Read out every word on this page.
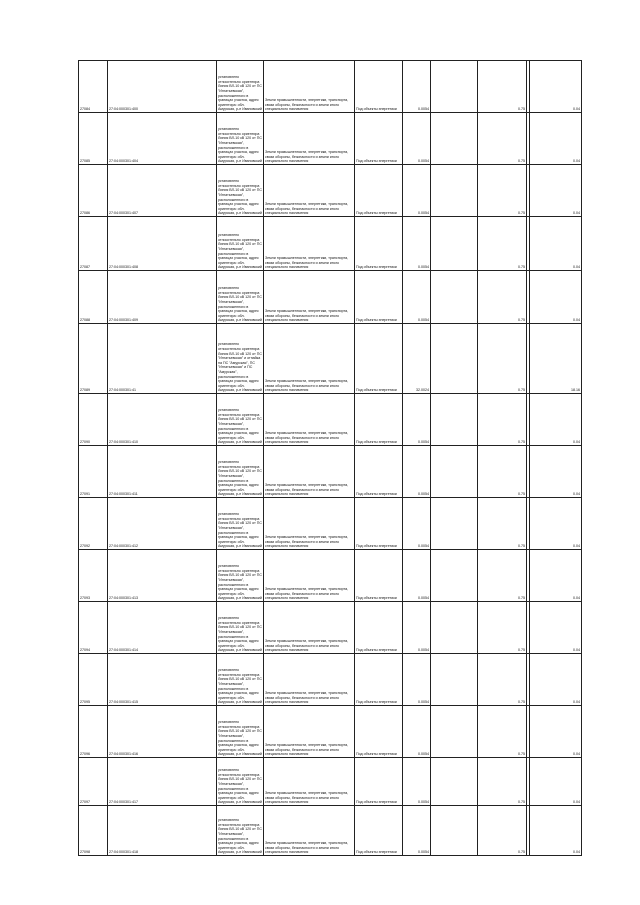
27084	27:04:000301:400	установлено относительно ориентира Линия ВЛ-10 кВ 120 от ПС "Игнатьевская", расположенного в границах участка, адрес ориентира: обл. Амурская, р-н Ивановский	Земли промышленности, энергетики, транспорта, связи обороны, безопасности и земли иного специального назначения	Под объекты энергетики	0.0054		0.75		0.04
27085	27:04:000301:404	установлено относительно ориентира Линия ВЛ-10 кВ 120 от ПС "Игнатьевская", расположенного в границах участка, адрес ориентира: обл. Амурская, р-н Ивановский	Земли промышленности, энергетики, транспорта, связи обороны, безопасности и земли иного специального назначения	Под объекты энергетики	0.0054		0.75		0.04
27086	27:04:000301:407	установлено относительно ориентира Линия ВЛ-10 кВ 120 от ПС "Игнатьевская", расположенного в границах участка, адрес ориентира: обл. Амурская, р-н Ивановский	Земли промышленности, энергетики, транспорта, связи обороны, безопасности и земли иного специального назначения	Под объекты энергетики	0.0054		0.75		0.04
27087	27:04:000301:408	установлено относительно ориентира Линия ВЛ-10 кВ 120 от ПС "Игнатьевская", расположенного в границах участка, адрес ориентира: обл. Амурская, р-н Ивановский	Земли промышленности, энергетики, транспорта, связи обороны, безопасности и земли иного специального назначения	Под объекты энергетики	0.0054		0.75		0.04
27088	27:04:000301:409	установлено относительно ориентира Линия ВЛ-10 кВ 120 от ПС "Игнатьевская", расположенного в границах участка, адрес ориентира: обл. Амурская, р-н Ивановский	Земли промышленности, энергетики, транспорта, связи обороны, безопасности и земли иного специального назначения	Под объекты энергетики	0.0054		0.75		0.04
27089	27:04:000301:41	установлено относительно ориентира Линия ВЛ-10 кВ 120 от ПС "Игнатьевская" и отпайка на ПС "Амурская", ПС "Игнатьевская" и ПС "Амурская", расположенного в границах участка, адрес ориентира: обл. Амурская, р-н Ивановский	Земли промышленности, энергетики, транспорта, связи обороны, безопасности и земли иного специального назначения	Под объекты энергетики	32.0024		0.75		18.16
27090	27:04:000301:410	установлено относительно ориентира Линия ВЛ-10 кВ 120 от ПС "Игнатьевская", расположенного в границах участка, адрес ориентира: обл. Амурская, р-н Ивановский	Земли промышленности, энергетики, транспорта, связи обороны, безопасности и земли иного специального назначения	Под объекты энергетики	0.0054		0.75		0.04
27091	27:04:000301:411	установлено относительно ориентира Линия ВЛ-10 кВ 120 от ПС "Игнатьевская", расположенного в границах участка, адрес ориентира: обл. Амурская, р-н Ивановский	Земли промышленности, энергетики, транспорта, связи обороны, безопасности и земли иного специального назначения	Под объекты энергетики	0.0054		0.75		0.04
27092	27:04:000301:412	установлено относительно ориентира Линия ВЛ-10 кВ 120 от ПС "Игнатьевская", расположенного в границах участка, адрес ориентира: обл. Амурская, р-н Ивановский	Земли промышленности, энергетики, транспорта, связи обороны, безопасности и земли иного специального назначения	Под объекты энергетики	0.0054		0.75		0.04
27093	27:04:000301:413	установлено относительно ориентира Линия ВЛ-10 кВ 120 от ПС "Игнатьевская", расположенного в границах участка, адрес ориентира: обл. Амурская, р-н Ивановский	Земли промышленности, энергетики, транспорта, связи обороны, безопасности и земли иного специального назначения	Под объекты энергетики	0.0054		0.75		0.04
27094	27:04:000301:414	установлено относительно ориентира Линия ВЛ-10 кВ 120 от ПС "Игнатьевская", расположенного в границах участка, адрес ориентира: обл. Амурская, р-н Ивановский	Земли промышленности, энергетики, транспорта, связи обороны, безопасности и земли иного специального назначения	Под объекты энергетики	0.0054		0.75		0.04
27095	27:04:000301:415	установлено относительно ориентира Линия ВЛ-10 кВ 120 от ПС "Игнатьевская", расположенного в границах участка, адрес ориентира: обл. Амурская, р-н Ивановский	Земли промышленности, энергетики, транспорта, связи обороны, безопасности и земли иного специального назначения	Под объекты энергетики	0.0054		0.75		0.04
27096	27:04:000301:416	установлено относительно ориентира Линия ВЛ-10 кВ 120 от ПС "Игнатьевская", расположенного в границах участка, адрес ориентира: обл. Амурская, р-н Ивановский	Земли промышленности, энергетики, транспорта, связи обороны, безопасности и земли иного специального назначения	Под объекты энергетики	0.0054		0.75		0.04
27097	27:04:000301:417	установлено относительно ориентира Линия ВЛ-10 кВ 120 от ПС "Игнатьевская", расположенного в границах участка, адрес ориентира: обл. Амурская, р-н Ивановский	Земли промышленности, энергетики, транспорта, связи обороны, безопасности и земли иного специального назначения	Под объекты энергетики	0.0054		0.75		0.04
27098	27:04:000301:418	установлено относительно ориентира Линия ВЛ-10 кВ 120 от ПС "Игнатьевская", расположенного в границах участка, адрес ориентира: обл. Амурская, р-н Ивановский	Земли промышленности, энергетики, транспорта, связи обороны, безопасности и земли иного специального назначения	Под объекты энергетики	0.0054		0.75		0.04
